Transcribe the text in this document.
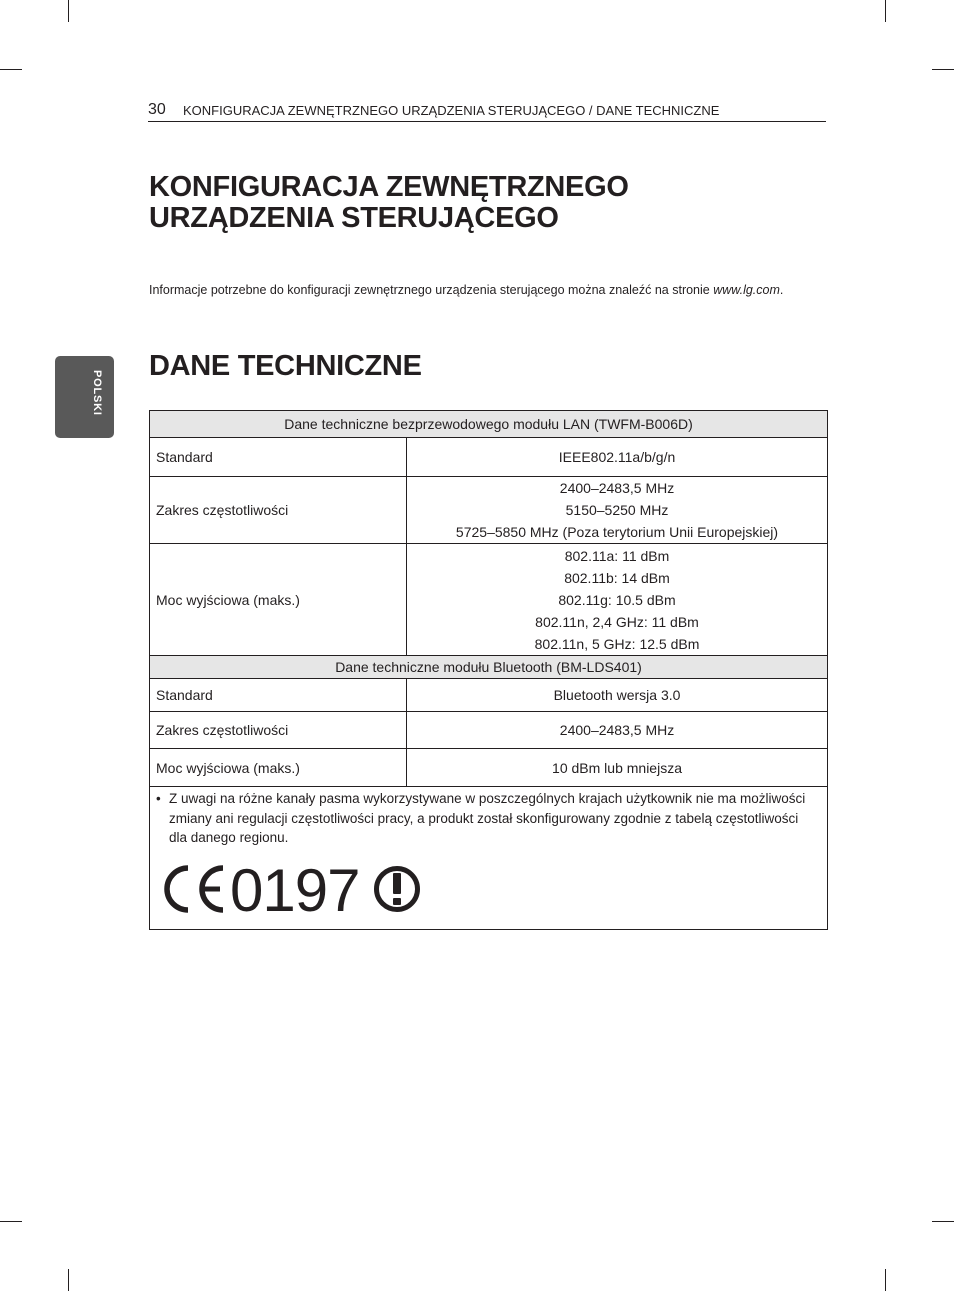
30 KONFIGURACJA ZEWNĘTRZNEGO URZĄDZENIA STERUJĄCEGO / DANE TECHNICZNE
POLSKI
KONFIGURACJA ZEWNĘTRZNEGO
URZĄDZENIA STERUJĄCEGO

Informacje potrzebne do konfiguracji zewnętrznego urządzenia sterującego można znaleźć na stronie www.lg.com.

DANE TECHNICZNE
Dane techniczne bezprzewodowego modułu LAN (TWFM-B006D)	
Standard	IEEE802.11a/b/g/n
Zakres częstotliwości	2400–2483,5 MHz
5150–5250 MHz
5725–5850 MHz (Poza terytorium Unii Europejskiej)

Moc wyjściowa (maks.)	802.11a: 11 dBm
802.11b: 14 dBm
802.11g: 10.5 dBm
802.11n, 2,4 GHz: 11 dBm
802.11n, 5 GHz: 12.5 dBm

Dane techniczne modułu Bluetooth (BM-LDS401)	
Standard	Bluetooth wersja 3.0
Zakres częstotliwości	2400–2483,5 MHz
Moc wyjściowa (maks.)	10 dBm lub mniejsza

• Z uwagi na różne kanały pasma wykorzystywane w poszczególnych krajach użytkownik nie ma możliwości zmiany ani regulacji częstotliwości pracy, a produkt został skonfigurowany zgodnie z tabelą częstotliwości dla danego regionu.
0197	
